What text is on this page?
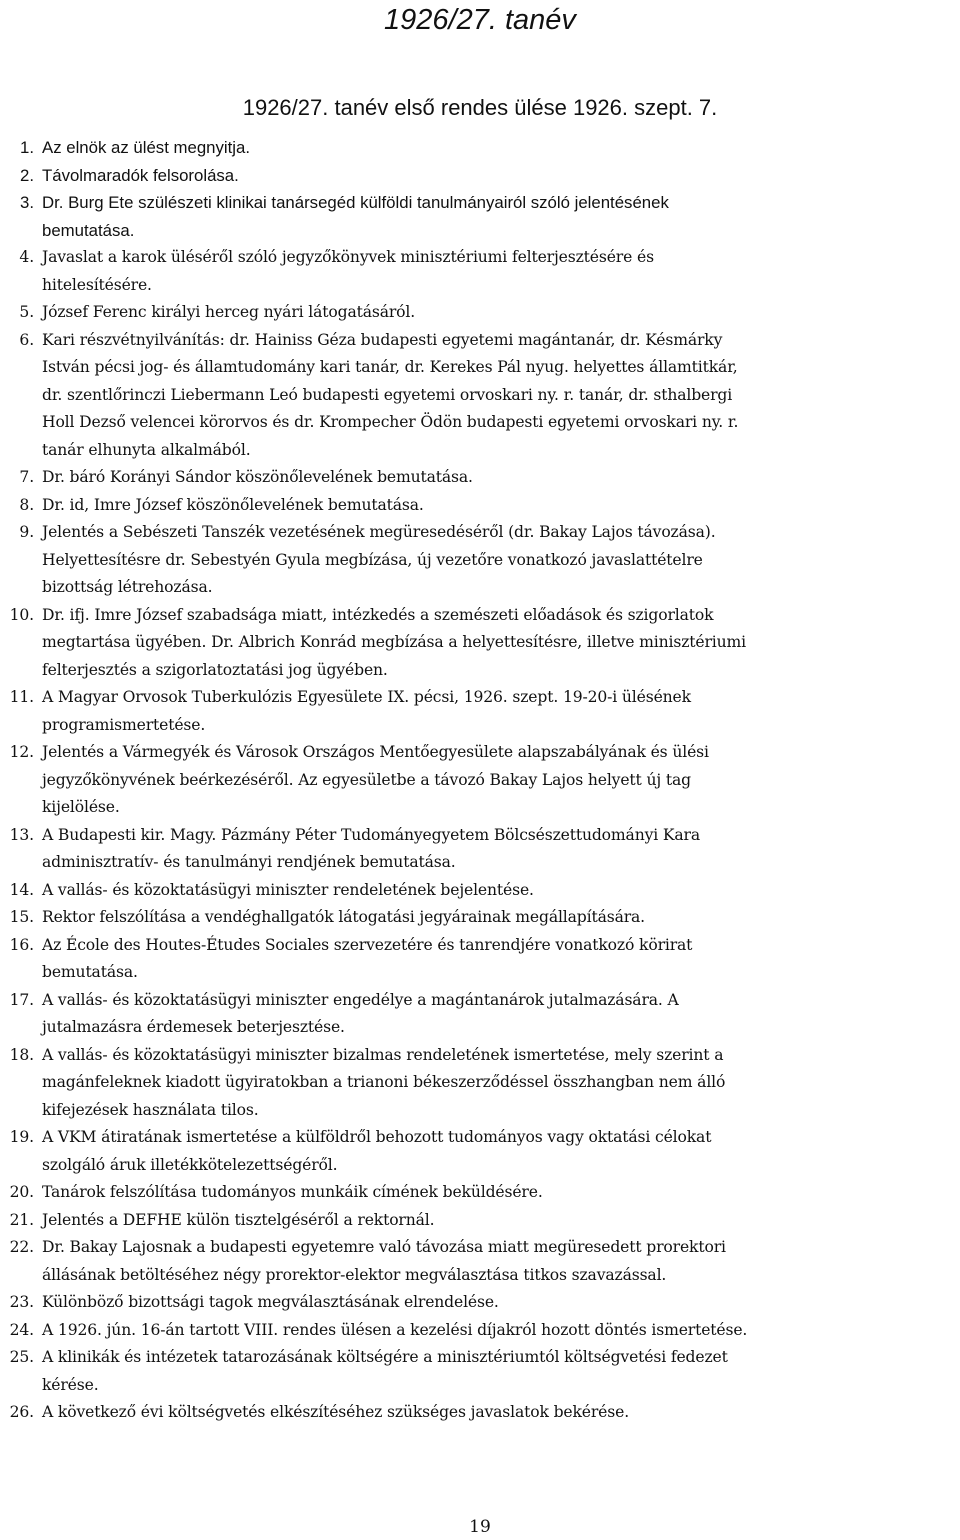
1926/27. tanév
1926/27. tanév első rendes ülése 1926. szept. 7.
1. Az elnök az ülést megnyitja.
2. Távolmaradók felsorolása.
3. Dr. Burg Ete szülészeti klinikai tanársegéd külföldi tanulmányairól szóló jelentésének
bemutatása.
4. Javaslat a karok üléséről szóló jegyzőkönyvek minisztériumi felterjesztésére és
hitelesítésére.
5. József Ferenc királyi herceg nyári látogatásáról.
6. Kari részvétnyilvánítás: dr. Hainiss Géza budapesti egyetemi magántanár, dr. Késmárky
István pécsi jog- és államtudomány kari tanár, dr. Kerekes Pál nyug. helyettes államtitkár,
dr. szentlőrinczi Liebermann Leó budapesti egyetemi orvoskari ny. r. tanár, dr. sthalbergi
Holl Dezső velencei körorvos és dr. Krompecher Ödön budapesti egyetemi orvoskari ny. r.
tanár elhunyta alkalmából.
7. Dr. báró Korányi Sándor köszönőlevelének bemutatása.
8. Dr. id, Imre József köszönőlevelének bemutatása.
9. Jelentés a Sebészeti Tanszék vezetésének megüresedéséről (dr. Bakay Lajos távozása).
Helyettesítésre dr. Sebestyén Gyula megbízása, új vezetőre vonatkozó javaslattételre
bizottság létrehozása.
10. Dr. ifj. Imre József szabadsága miatt, intézkedés a szemészeti előadások és szigorlatok
megtartása ügyében. Dr. Albrich Konrád megbízása a helyettesítésre, illetve minisztériumi
felterjesztés a szigorlatoztatási jog ügyében.
11. A Magyar Orvosok Tuberkulózis Egyesülete IX. pécsi, 1926. szept. 19-20-i ülésének
programismertetése.
12. Jelentés a Vármegyék és Városok Országos Mentőegyesülete alapszabályának és ülési
jegyzőkönyvének beérkezéséről. Az egyesületbe a távozó Bakay Lajos helyett új tag
kijelölése.
13. A Budapesti kir. Magy. Pázmány Péter Tudományegyetem Bölcsészettudományi Kara
adminisztratív- és tanulmányi rendjének bemutatása.
14. A vallás- és közoktatásügyi miniszter rendeletének bejelentése.
15. Rektor felszólítása a vendéghallgatók látogatási jegyárainak megállapítására.
16. Az École des Houtes-Études Sociales szervezetére és tanrendjére vonatkozó körirat
bemutatása.
17. A vallás- és közoktatásügyi miniszter engedélye a magántanárok jutalmazására. A
jutalmazásra érdemesek beterjesztése.
18. A vallás- és közoktatásügyi miniszter bizalmas rendeletének ismertetése, mely szerint a
magánfeleknek kiadott ügyiratokban a trianoni békeszerződéssel összhangban nem álló
kifejezések használata tilos.
19. A VKM átiratának ismertetése a külföldről behozott tudományos vagy oktatási célokat
szolgáló áruk illetékkötelezettségéről.
20. Tanárok felszólítása tudományos munkáik címének beküldésére.
21. Jelentés a DEFHE külön tisztelgéséről a rektornál.
22. Dr. Bakay Lajosnak a budapesti egyetemre való távozása miatt megüresedett prorektori
állásának betöltéséhez négy prorektor-elektor megválasztása titkos szavazással.
23. Különböző bizottsági tagok megválasztásának elrendelése.
24. A 1926. jún. 16-án tartott VIII. rendes ülésen a kezelési díjakról hozott döntés ismertetése.
25. A klinikák és intézetek tatarozásának költségére a minisztériumtól költségvetési fedezet
kérése.
26. A következő évi költségvetés elkészítéséhez szükséges javaslatok bekérése.
19
